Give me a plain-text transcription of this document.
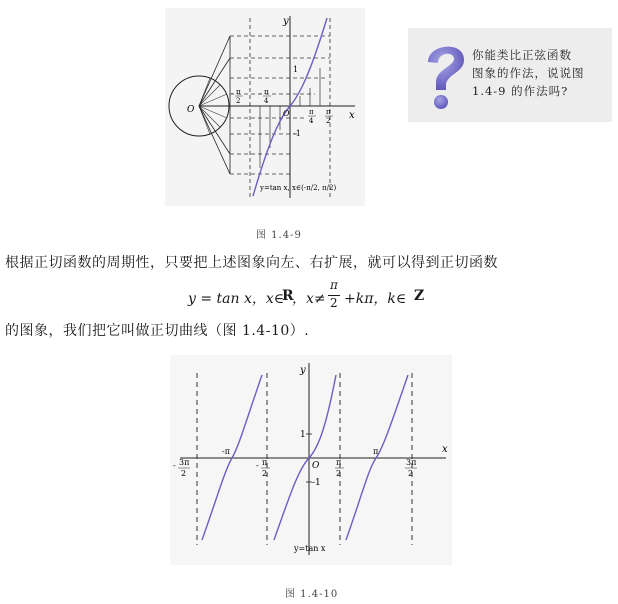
x
y
O	O
1
-1
- π
2
- π
4
π
4
π
2
y=tan x, x∈(-π/2, π/2)
你能类比正弦函数
图象的作法，说说图
1.4-9 的作法吗?
图 1.4-9
根据正切函数的周期性，只要把上述图象向左、右扩展，就可以得到正切函数
y = tan x，x∈
R
，x≠
π
2 +kπ，k∈ Z
的图象，我们把它叫做正切曲线（图 1.4-10）.
x
y
O
1
-1
- 3π
2
-π
- π
2
π
2
π
3π
2
y=tan x
图 1.4-10
